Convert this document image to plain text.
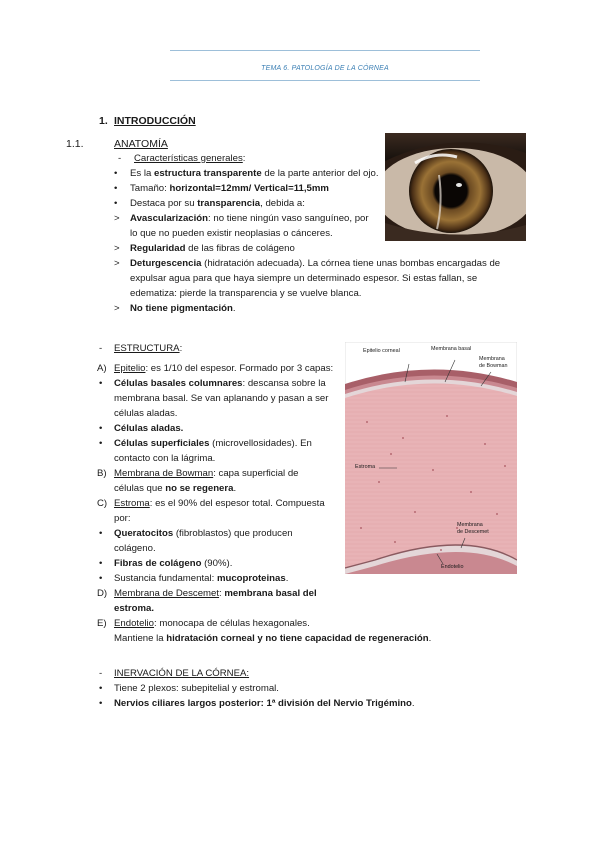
TEMA 6. PATOLOGÍA DE LA CÓRNEA
1. INTRODUCCIÓN
1.1.	ANATOMÍA
- Características generales:
•	Es la estructura transparente de la parte anterior del ojo.
•	Tamaño: horizontal=12mm/ Vertical=11,5mm
•	Destaca por su transparencia, debida a:
>	Avascularización: no tiene ningún vaso sanguíneo, por
lo que no pueden existir neoplasias o cánceres.
>	Regularidad de las fibras de colágeno
>	Deturgescencia (hidratación adecuada). La córnea tiene unas bombas encargadas de
expulsar agua para que haya siempre un determinado espesor. Si estas fallan, se
edematiza: pierde la transparencia y se vuelve blanca.
>	No tiene pigmentación.
- ESTRUCTURA:
A) Epitelio: es 1/10 del espesor. Formado por 3 capas:
•	Células basales columnares: descansa sobre la
membrana basal. Se van aplanando y pasan a ser
células aladas.
•	Células aladas.
•	Células superficiales (microvellosidades). En
contacto con la lágrima.
B) Membrana de Bowman: capa superficial de
células que no se regenera.
C) Estroma: es el 90% del espesor total. Compuesta
por:
•	Queratocitos (fibroblastos) que producen
colágeno.
•	Fibras de colágeno (90%).
•	Sustancia fundamental: mucoproteinas.
D) Membrana de Descemet: membrana basal del
estroma.
E) Endotelio: monocapa de células hexagonales.
Mantiene la hidratación corneal y no tiene capacidad de regeneración.
Epitelio corneal	Membrana basal
Membrana
de Bowman
Estroma
Membrana
de Descemet
Endotelio
- INERVACIÓN DE LA CÓRNEA:
•	Tiene 2 plexos: subepitelial y estromal.
•	Nervios ciliares largos posterior: 1ª división del Nervio Trigémino.
